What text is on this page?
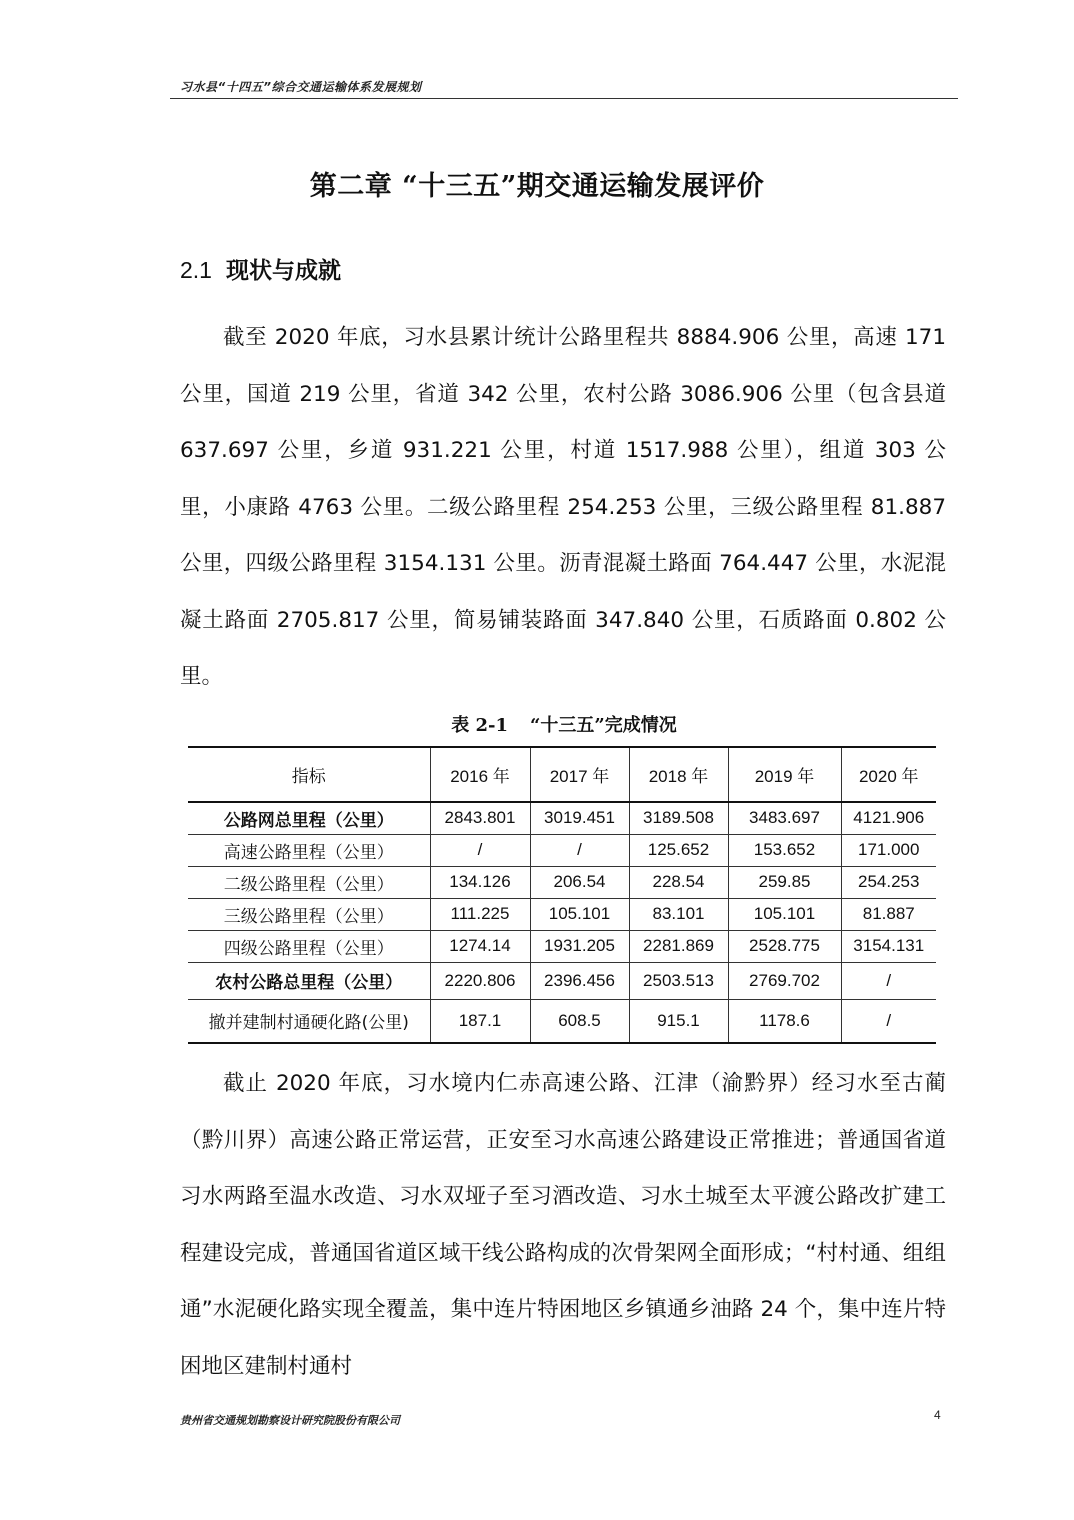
习水县“十四五”综合交通运输体系发展规划
第二章 “十三五”期交通运输发展评价
2.1 现状与成就

截至 2020 年底，习水县累计统计公路里程共 8884.906 公里，高速 171 公里，国道 219 公里，省道 342 公里，农村公路 3086.906 公里（包含县道 637.697 公里，乡道 931.221 公里，村道 1517.988 公里），组道 303 公里，小康路 4763 公里。二级公路里程 254.253 公里，三级公路里程 81.887 公里，四级公路里程 3154.131 公里。沥青混凝土路面 764.447 公里，水泥混凝土路面 2705.817 公里，简易铺装路面 347.840 公里，石质路面 0.802 公里。

表 2-1 “十三五”完成情况
指标	2016 年	2017 年	2018 年	2019 年	2020 年
公路网总里程（公里）	2843.801	3019.451	3189.508	3483.697	4121.906
高速公路里程（公里）	/	/	125.652	153.652	171.000
二级公路里程（公里）	134.126	206.54	228.54	259.85	254.253
三级公路里程（公里）	111.225	105.101	83.101	105.101	81.887
四级公路里程（公里）	1274.14	1931.205	2281.869	2528.775	3154.131
农村公路总里程（公里）	2220.806	2396.456	2503.513	2769.702	/
撤并建制村通硬化路(公里)	187.1	608.5	915.1	1178.6	/

截止 2020 年底，习水境内仁赤高速公路、江津（渝黔界）经习水至古蔺（黔川界）高速公路正常运营，正安至习水高速公路建设正常推进；普通国省道习水两路至温水改造、习水双垭子至习酒改造、习水土城至太平渡公路改扩建工程建设完成，普通国省道区域干线公路构成的次骨架网全面形成；“村村通、组组通”水泥硬化路实现全覆盖，集中连片特困地区乡镇通乡油路 24 个，集中连片特困地区建制村通村

贵州省交通规划勘察设计研究院股份有限公司	4
